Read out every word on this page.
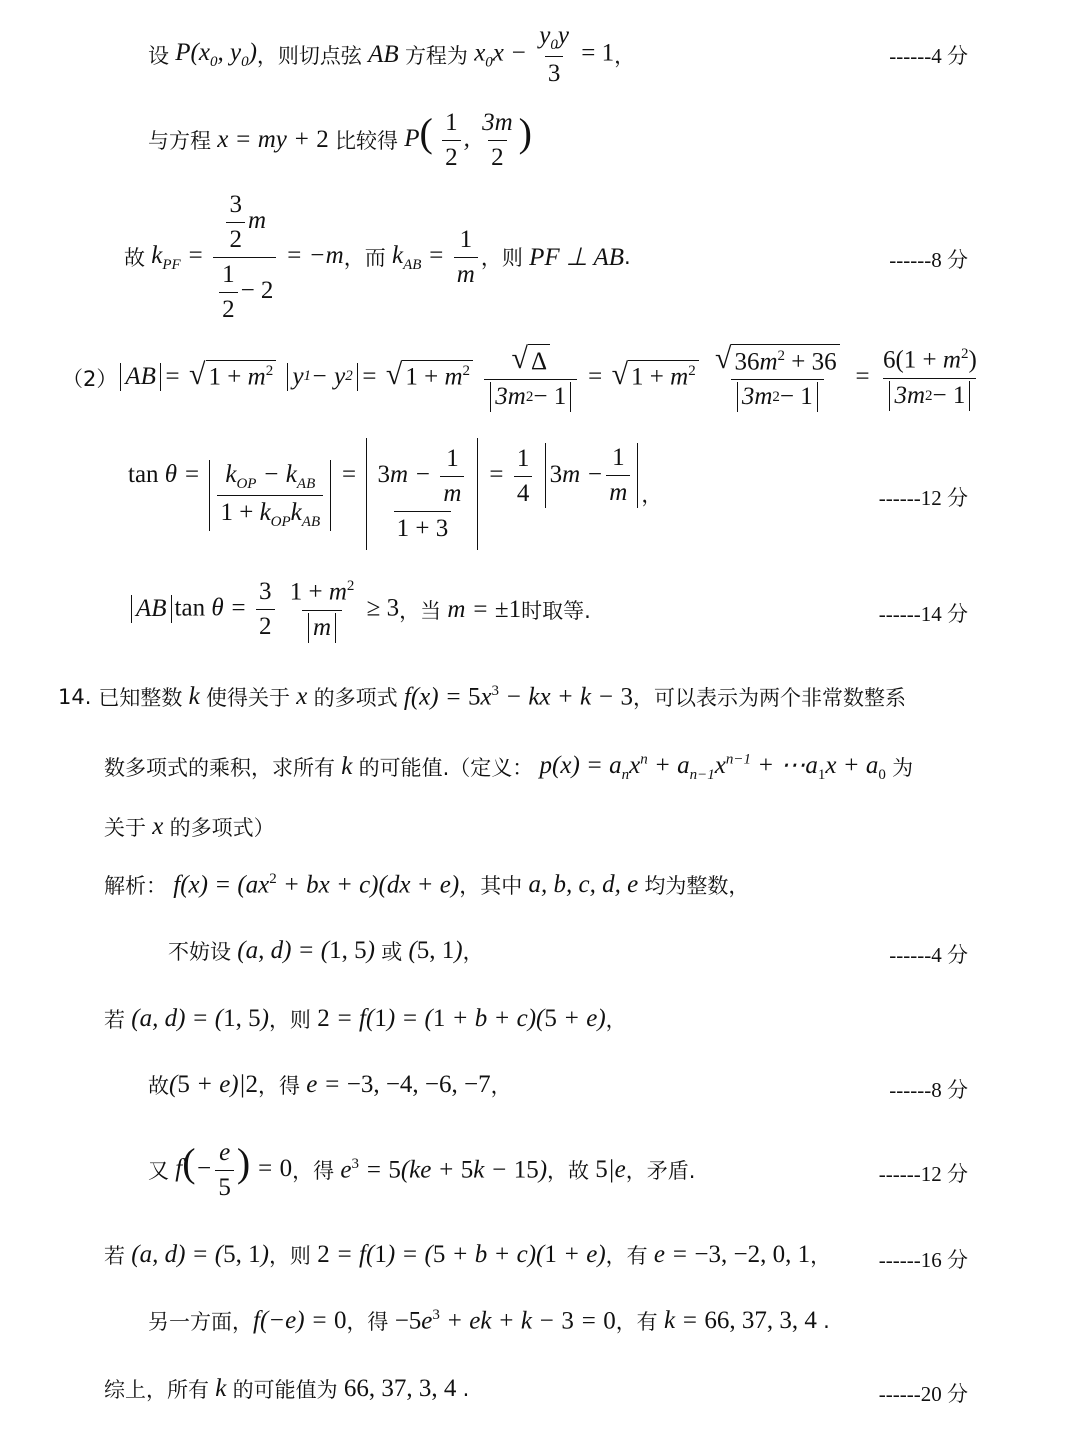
设 $P(x_0$, $y_0$) ，则切点弦 AB 方程为 $x_0x - \frac{y_0y}{3} = 1$ ，	------4 分
与方程 x = my + 2 比较得 $P( \frac{1}{2}$ , $\frac{3m}{2}$ )
故 $k_{PF} = \frac{\frac{3}{2} m}{\frac{1}{2} - 2} = -m$ ，而 $k_{AB} = \frac{1}{m}$ ，则 PF ⊥ AB .	------8 分
（2） AB = √ $1 + m^2$ y 1 − y 2 = √ $1 + m^2$
$\frac{√ \Delta}{3m 2 - 1}$ = √ $1 + m^2$
$\frac{√ 36m^2 + 36}{3m 2 - 1} = \frac{6(1 + m^2)}{3m 2 - 1}$
$\tan \theta = \frac{k_{OP} - k_{AB}}{1 + k_{OP}k_{AB}} = \frac{3m - \frac{1}{m}}{1 + 3} = \frac{1}{4}$
3 $m - \frac{1}{m}$ ，	------12 分
AB $\tan \theta = \frac{3}{2}$
$\frac{1 + m^2}{m} \ge 3$ ，当 m = ±1 时取等.	------14 分
14.
已知整数 k 使得关于 x 的多项式 $f(x) = 5x^3$ − kx + k − 3 ，可以表示为两个非常数整系
数多项式的乘积，求所有 k 的可能值.（定义： $p(x) = a_nx^n + a_{n-1}x^{n-1}$ + $\cdots a_1x + a_0$ 为
关于 x 的多项式）
解析： $f(x) = (ax^2$ + bx + c)(dx + e) ，其中 a, b, c, d, e 均为整数，
不妨设 (a, d) = (1, 5) 或 (5, 1) ，	------4 分
若 (a, d) = (1, 5) ，则 2 = f(1) = (1 + b + c)(5 + e) ，
故 (5 + e)|2 ，得 e = −3, −4, −6, −7 ，	------8 分
又 $f(- \frac{e}{5}$ ) = 0 ，得 $e^3 = 5(ke + 5k - 15)$ ，故 5|e ，矛盾.	------12 分
若 (a, d) = (5, 1) ，则 2 = f(1) = (5 + b + c)(1 + e) ，有 e = −3, −2, 0, 1 ， ------16 分
另一方面， f(−e) = 0 ，得 $-5e^3$ + ek + k − 3 = 0 ，有 k = 66, 37, 3, 4 .
综上，所有 k 的可能值为 66, 37, 3, 4 .	------20 分
